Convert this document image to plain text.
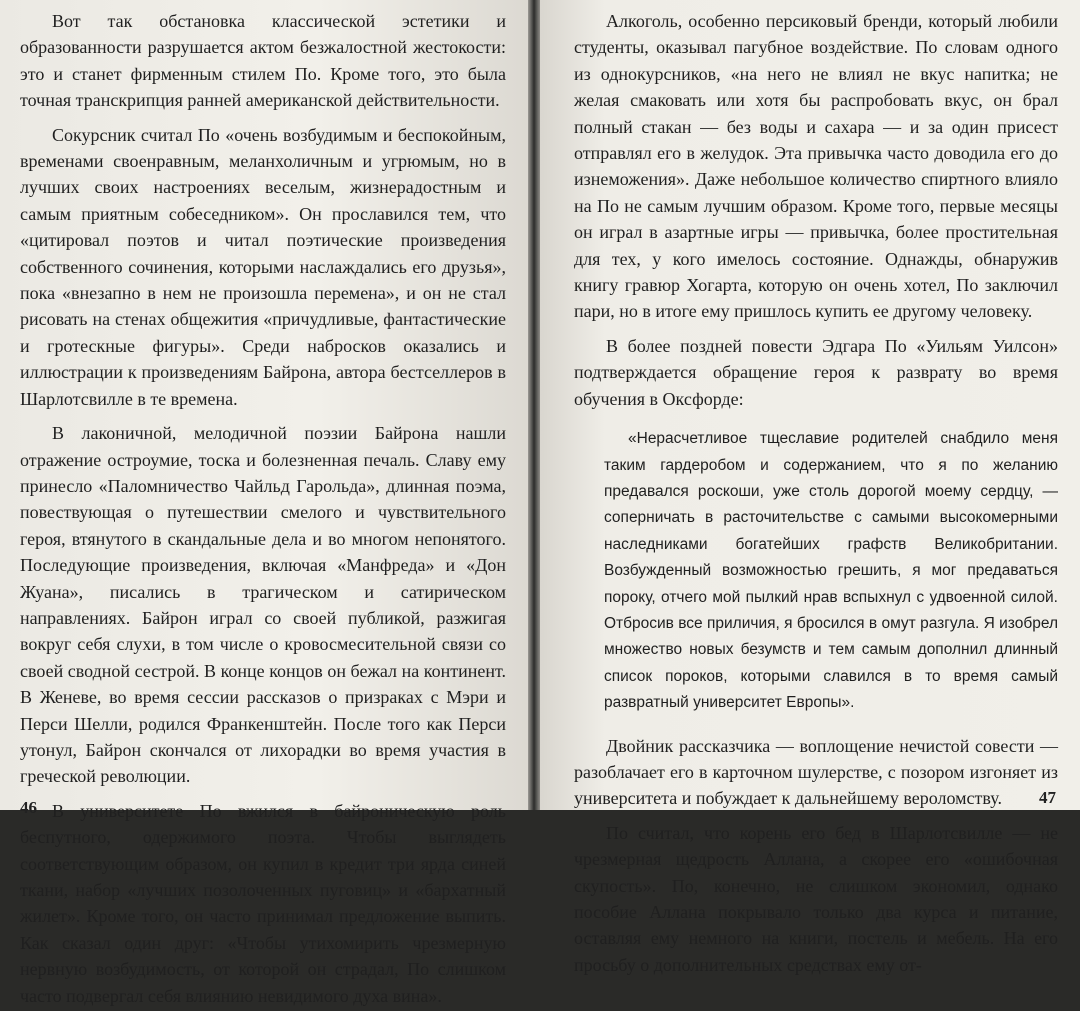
Вот так обстановка классической эстетики и образованности разрушается актом безжалостной жестокости: это и станет фирменным стилем По. Кроме того, это была точная транскрипция ранней американской действительности.

Сокурсник считал По «очень возбудимым и беспокойным, временами своенравным, меланхоличным и угрюмым, но в лучших своих настроениях веселым, жизнерадостным и самым приятным собеседником». Он прославился тем, что «цитировал поэтов и читал поэтические произведения собственного сочинения, которыми наслаждались его друзья», пока «внезапно в нем не произошла перемена», и он не стал рисовать на стенах общежития «причудливые, фантастические и гротескные фигуры». Среди набросков оказались и иллюстрации к произведениям Байрона, автора бестселлеров в Шарлотсвилле в те времена.

В лаконичной, мелодичной поэзии Байрона нашли отражение остроумие, тоска и болезненная печаль. Славу ему принесло «Паломничество Чайльд Гарольда», длинная поэма, повествующая о путешествии смелого и чувствительного героя, втянутого в скандальные дела и во многом непонятого. Последующие произведения, включая «Манфреда» и «Дон Жуана», писались в трагическом и сатирическом направлениях. Байрон играл со своей публикой, разжигая вокруг себя слухи, в том числе о кровосмесительной связи со своей сводной сестрой. В конце концов он бежал на континент. В Женеве, во время сессии рассказов о призраках с Мэри и Перси Шелли, родился Франкенштейн. После того как Перси утонул, Байрон скончался от лихорадки во время участия в греческой революции.

В университете По вжился в байроническую роль беспутного, одержимого поэта. Чтобы выглядеть соответствующим образом, он купил в кредит три ярда синей ткани, набор «лучших позолоченных пуговиц» и «бархатный жилет». Кроме того, он часто принимал предложение выпить. Как сказал один друг: «Чтобы утихомирить чрезмерную нервную возбудимость, от которой он страдал, По слишком часто подвергал себя влиянию невидимого духа вина».

46

Алкоголь, особенно персиковый бренди, который любили студенты, оказывал пагубное воздействие. По словам одного из однокурсников, «на него не влиял не вкус напитка; не желая смаковать или хотя бы распробовать вкус, он брал полный стакан — без воды и сахара — и за один присест отправлял его в желудок. Эта привычка часто доводила его до изнеможения». Даже небольшое количество спиртного влияло на По не самым лучшим образом. Кроме того, первые месяцы он играл в азартные игры — привычка, более простительная для тех, у кого имелось состояние. Однажды, обнаружив книгу гравюр Хогарта, которую он очень хотел, По заключил пари, но в итоге ему пришлось купить ее другому человеку.

В более поздней повести Эдгара По «Уильям Уилсон» подтверждается обращение героя к разврату во время обучения в Оксфорде:

«Нерасчетливое тщеславие родителей снабдило меня таким гардеробом и содержанием, что я по желанию предавался роскоши, уже столь дорогой моему сердцу, — соперничать в расточительстве с самыми высокомерными наследниками богатейших графств Великобритании. Возбужденный возможностью грешить, я мог предаваться пороку, отчего мой пылкий нрав вспыхнул с удвоенной силой. Отбросив все приличия, я бросился в омут разгула. Я изобрел множество новых безумств и тем самым дополнил длинный список пороков, которыми славился в то время самый развратный университет Европы».

Двойник рассказчика — воплощение нечистой совести — разоблачает его в карточном шулерстве, с позором изгоняет из университета и побуждает к дальнейшему вероломству.

По считал, что корень его бед в Шарлотсвилле — не чрезмерная щедрость Аллана, а скорее его «ошибочная скупость». По, конечно, не слишком экономил, однако пособие Аллана покрывало только два курса и питание, оставляя ему немного на книги, постель и мебель. На его просьбу о дополнительных средствах ему от-

47
